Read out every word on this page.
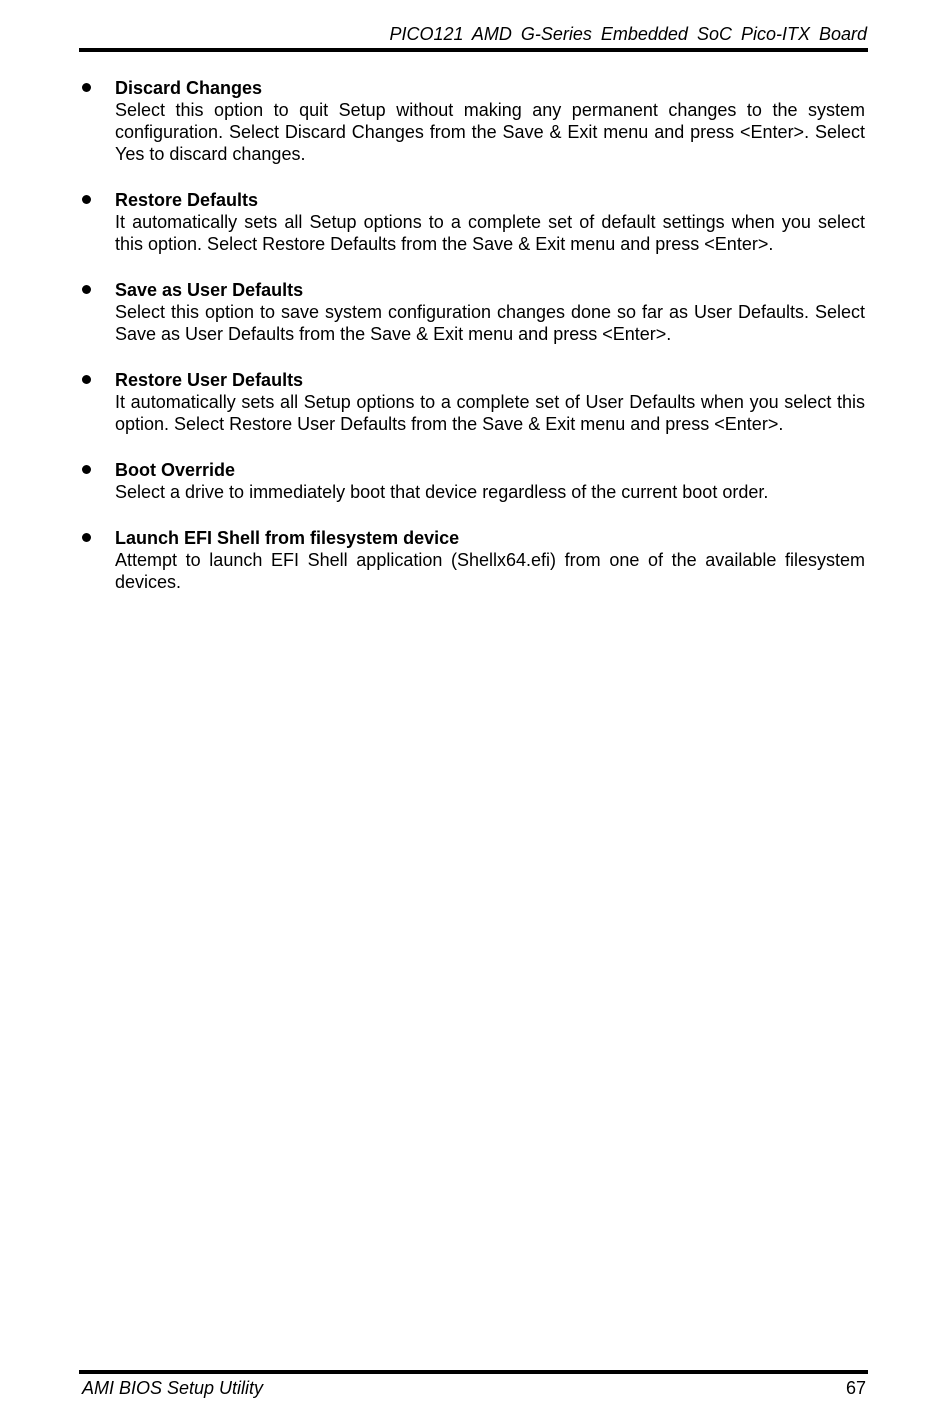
PICO121 AMD G-Series Embedded SoC Pico-ITX Board
Discard Changes
Select this option to quit Setup without making any permanent changes to the system configuration. Select Discard Changes from the Save & Exit menu and press <Enter>. Select Yes to discard changes.
Restore Defaults
It automatically sets all Setup options to a complete set of default settings when you select this option. Select Restore Defaults from the Save & Exit menu and press <Enter>.
Save as User Defaults
Select this option to save system configuration changes done so far as User Defaults. Select Save as User Defaults from the Save & Exit menu and press <Enter>.
Restore User Defaults
It automatically sets all Setup options to a complete set of User Defaults when you select this option. Select Restore User Defaults from the Save & Exit menu and press <Enter>.
Boot Override
Select a drive to immediately boot that device regardless of the current boot order.
Launch EFI Shell from filesystem device
Attempt to launch EFI Shell application (Shellx64.efi) from one of the available filesystem devices.
AMI BIOS Setup Utility	67
